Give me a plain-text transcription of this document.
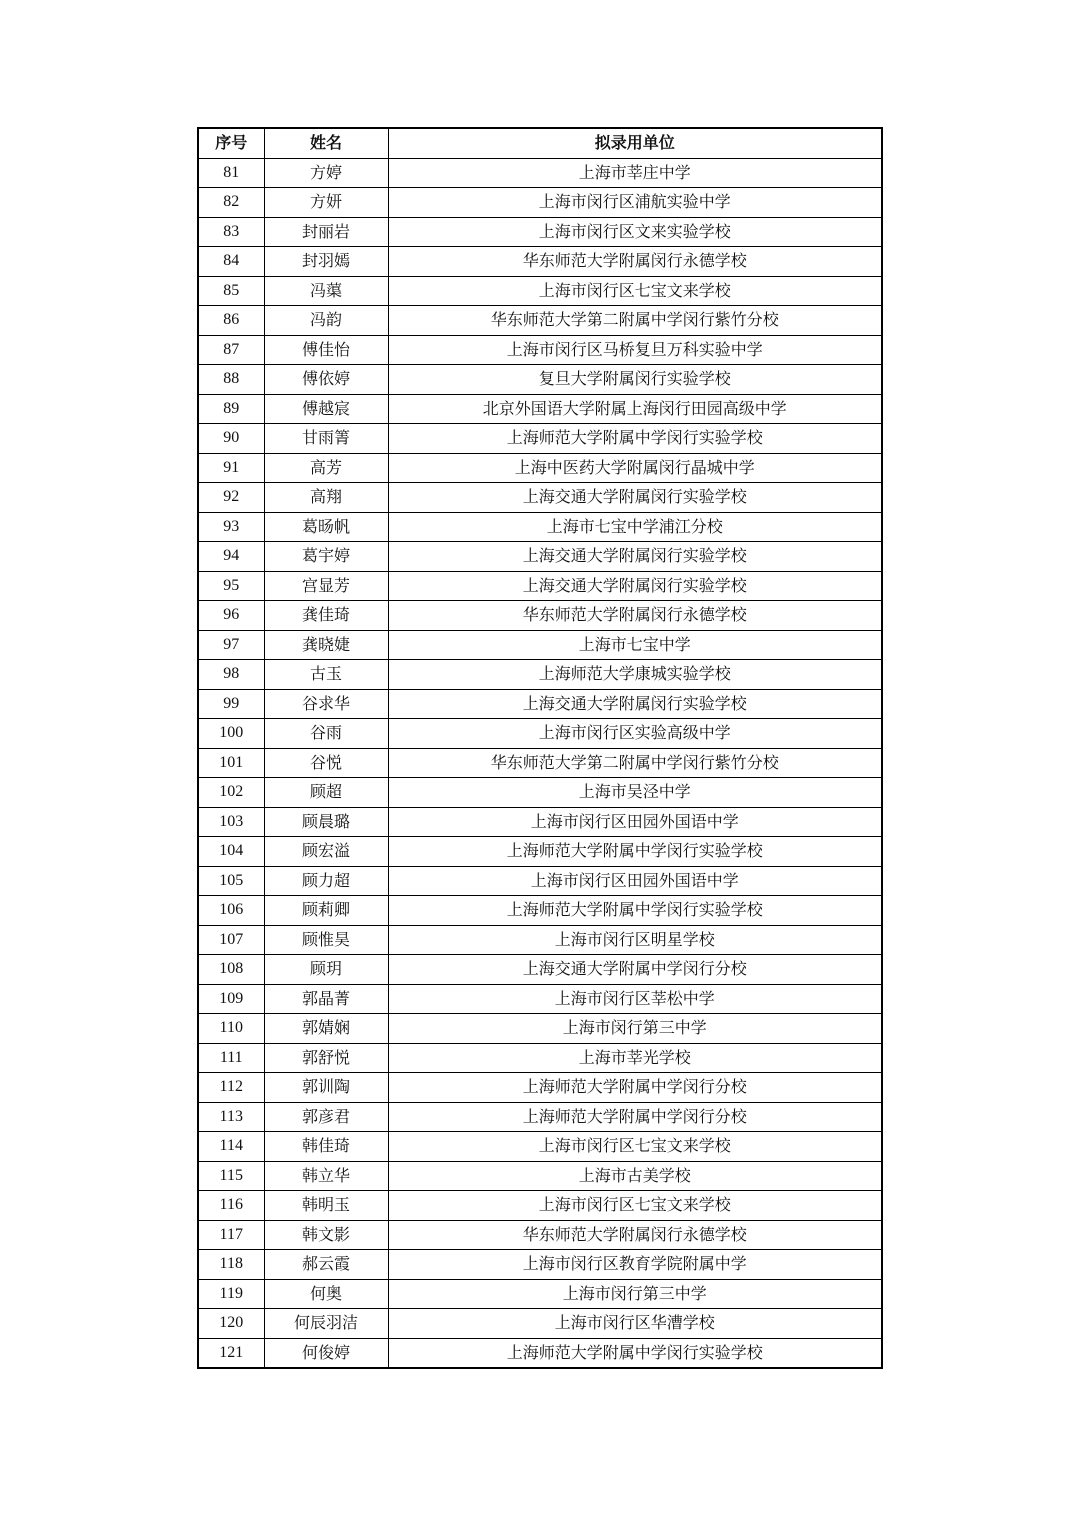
序号	姓名	拟录用单位
81	方婷	上海市莘庄中学
82	方妍	上海市闵行区浦航实验中学
83	封丽岩	上海市闵行区文来实验学校
84	封羽嫣	华东师范大学附属闵行永德学校
85	冯蕖	上海市闵行区七宝文来学校
86	冯韵	华东师范大学第二附属中学闵行紫竹分校
87	傅佳怡	上海市闵行区马桥复旦万科实验中学
88	傅依婷	复旦大学附属闵行实验学校
89	傅越宸	北京外国语大学附属上海闵行田园高级中学
90	甘雨箐	上海师范大学附属中学闵行实验学校
91	高芳	上海中医药大学附属闵行晶城中学
92	高翔	上海交通大学附属闵行实验学校
93	葛旸帆	上海市七宝中学浦江分校
94	葛宇婷	上海交通大学附属闵行实验学校
95	宫显芳	上海交通大学附属闵行实验学校
96	龚佳琦	华东师范大学附属闵行永德学校
97	龚晓婕	上海市七宝中学
98	古玉	上海师范大学康城实验学校
99	谷求华	上海交通大学附属闵行实验学校
100	谷雨	上海市闵行区实验高级中学
101	谷悦	华东师范大学第二附属中学闵行紫竹分校
102	顾超	上海市吴泾中学
103	顾晨璐	上海市闵行区田园外国语中学
104	顾宏溢	上海师范大学附属中学闵行实验学校
105	顾力超	上海市闵行区田园外国语中学
106	顾莉卿	上海师范大学附属中学闵行实验学校
107	顾惟昊	上海市闵行区明星学校
108	顾玥	上海交通大学附属中学闵行分校
109	郭晶菁	上海市闵行区莘松中学
110	郭婧娴	上海市闵行第三中学
111	郭舒悦	上海市莘光学校
112	郭训陶	上海师范大学附属中学闵行分校
113	郭彦君	上海师范大学附属中学闵行分校
114	韩佳琦	上海市闵行区七宝文来学校
115	韩立华	上海市古美学校
116	韩明玉	上海市闵行区七宝文来学校
117	韩文影	华东师范大学附属闵行永德学校
118	郝云霞	上海市闵行区教育学院附属中学
119	何奥	上海市闵行第三中学
120	何辰羽洁	上海市闵行区华漕学校
121	何俊婷	上海师范大学附属中学闵行实验学校
